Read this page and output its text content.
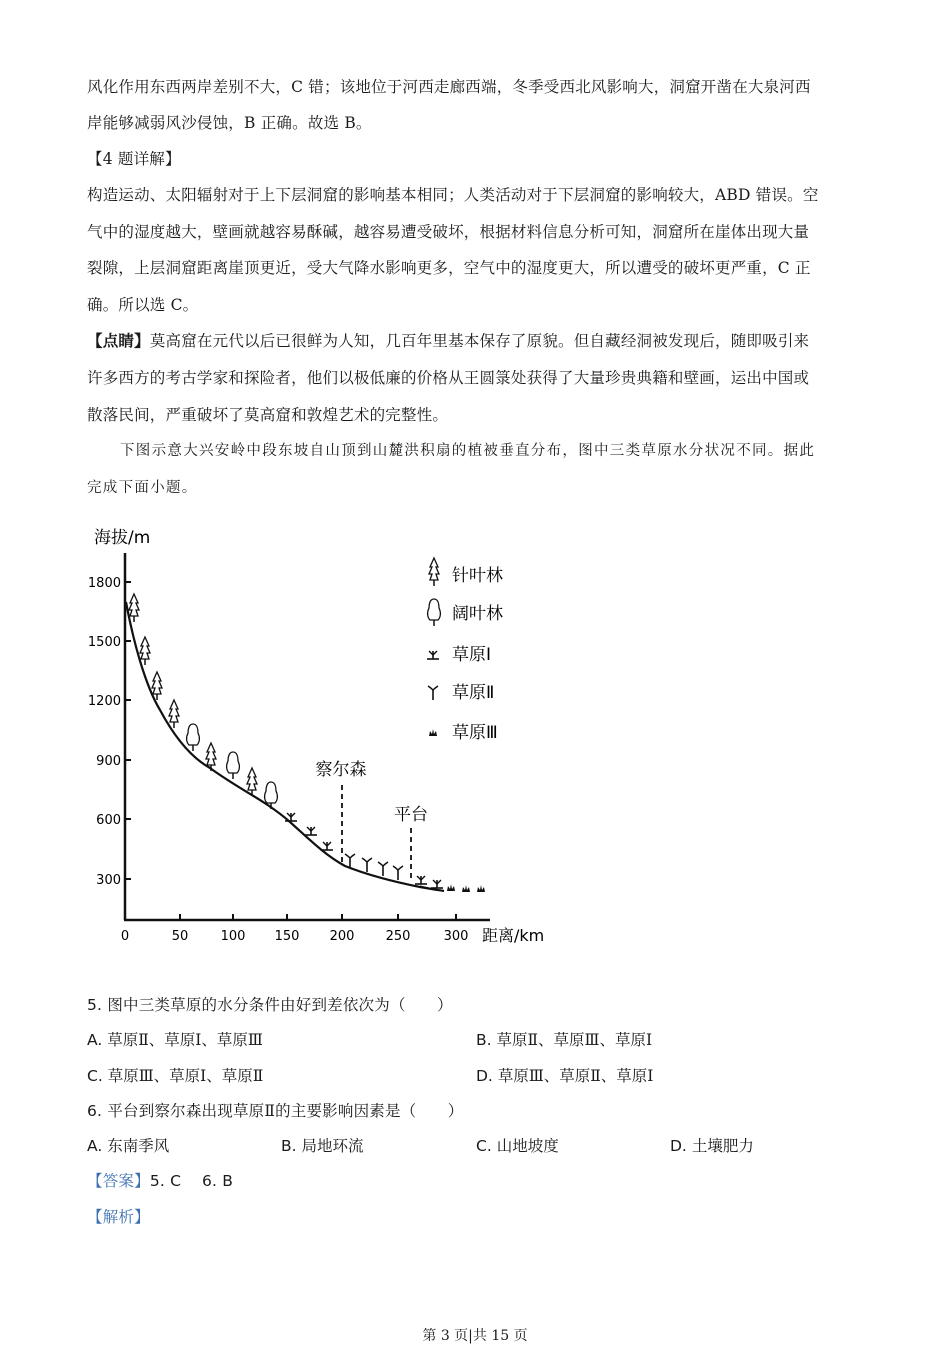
风化作用东西两岸差别不大，C 错；该地位于河西走廊西端，冬季受西北风影响大，洞窟开凿在大泉河西
岸能够减弱风沙侵蚀，B 正确。故选 B。
【4 题详解】
构造运动、太阳辐射对于上下层洞窟的影响基本相同；人类活动对于下层洞窟的影响较大，ABD 错误。空
气中的湿度越大，壁画就越容易酥碱，越容易遭受破坏，根据材料信息分析可知，洞窟所在崖体出现大量
裂隙，上层洞窟距离崖顶更近，受大气降水影响更多，空气中的湿度更大，所以遭受的破坏更严重，C 正
确。所以选 C。
【点睛】莫高窟在元代以后已很鲜为人知，几百年里基本保存了原貌。但自藏经洞被发现后，随即吸引来
许多西方的考古学家和探险者，他们以极低廉的价格从王圆箓处获得了大量珍贵典籍和壁画，运出中国或
散落民间，严重破坏了莫高窟和敦煌艺术的完整性。
下图示意大兴安岭中段东坡自山顶到山麓洪积扇的植被垂直分布，图中三类草原水分状况不同。据此
完成下面小题。
海拔/m
1800
1500
1200
900
600
300
0	50 100 150 200 250	300 距离/km
察尔森
平台
针叶林
阔叶林
草原Ⅰ
草原Ⅱ
草原Ⅲ
5. 图中三类草原的水分条件由好到差依次为（　　）
A. 草原Ⅱ、草原Ⅰ、草原Ⅲ	B. 草原Ⅱ、草原Ⅲ、草原Ⅰ
C. 草原Ⅲ、草原Ⅰ、草原Ⅱ	D. 草原Ⅲ、草原Ⅱ、草原Ⅰ
6. 平台到察尔森出现草原Ⅱ的主要影响因素是（　　）
A. 东南季风	B. 局地环流	C. 山地坡度	D. 土壤肥力
【答案】5. C　 6. B
【解析】
第 3 页|共 15 页
